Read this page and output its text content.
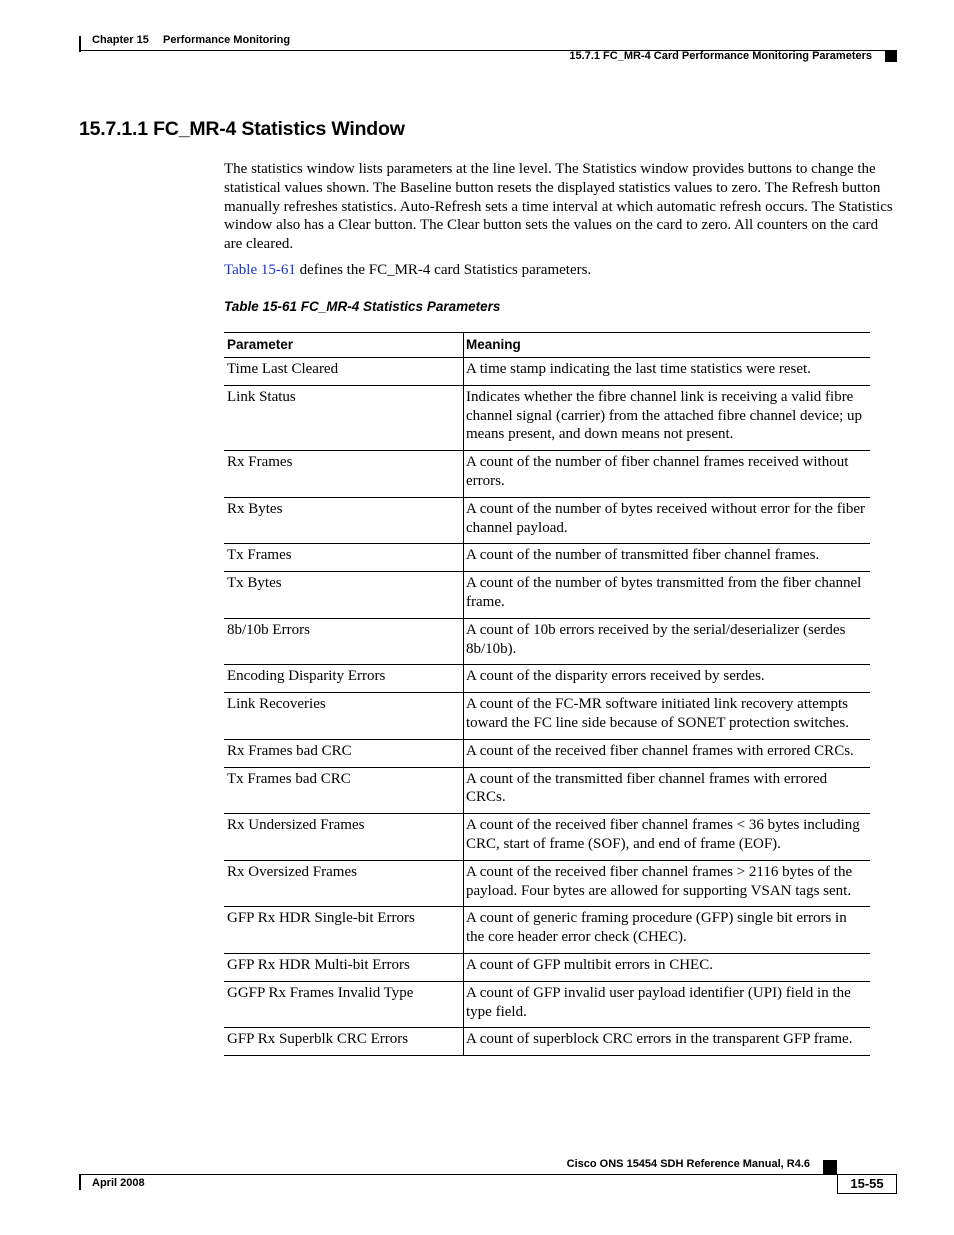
Chapter 15 Performance Monitoring
15.7.1 FC_MR-4 Card Performance Monitoring Parameters
15.7.1.1 FC_MR-4 Statistics Window

The statistics window lists parameters at the line level. The Statistics window provides buttons to change the statistical values shown. The Baseline button resets the displayed statistics values to zero. The Refresh button manually refreshes statistics. Auto-Refresh sets a time interval at which automatic refresh occurs. The Statistics window also has a Clear button. The Clear button sets the values on the card to zero. All counters on the card are cleared.

Table 15-61 defines the FC_MR-4 card Statistics parameters.

Table 15-61 FC_MR-4 Statistics Parameters
Parameter	Meaning
Time Last Cleared	A time stamp indicating the last time statistics were reset.
Link Status	Indicates whether the fibre channel link is receiving a valid fibre channel signal (carrier) from the attached fibre channel device; up means present, and down means not present.
Rx Frames	A count of the number of fiber channel frames received without errors.
Rx Bytes	A count of the number of bytes received without error for the fiber channel payload.
Tx Frames	A count of the number of transmitted fiber channel frames.
Tx Bytes	A count of the number of bytes transmitted from the fiber channel frame.
8b/10b Errors	A count of 10b errors received by the serial/deserializer (serdes 8b/10b).
Encoding Disparity Errors	A count of the disparity errors received by serdes.
Link Recoveries	A count of the FC-MR software initiated link recovery attempts toward the FC line side because of SONET protection switches.
Rx Frames bad CRC	A count of the received fiber channel frames with errored CRCs.
Tx Frames bad CRC	A count of the transmitted fiber channel frames with errored CRCs.
Rx Undersized Frames	A count of the received fiber channel frames < 36 bytes including CRC, start of frame (SOF), and end of frame (EOF).
Rx Oversized Frames	A count of the received fiber channel frames > 2116 bytes of the payload. Four bytes are allowed for supporting VSAN tags sent.
GFP Rx HDR Single-bit Errors	A count of generic framing procedure (GFP) single bit errors in the core header error check (CHEC).
GFP Rx HDR Multi-bit Errors	A count of GFP multibit errors in CHEC.
GGFP Rx Frames Invalid Type	A count of GFP invalid user payload identifier (UPI) field in the type field.
GFP Rx Superblk CRC Errors	A count of superblock CRC errors in the transparent GFP frame.
Cisco ONS 15454 SDH Reference Manual, R4.6
April 2008	15-55
